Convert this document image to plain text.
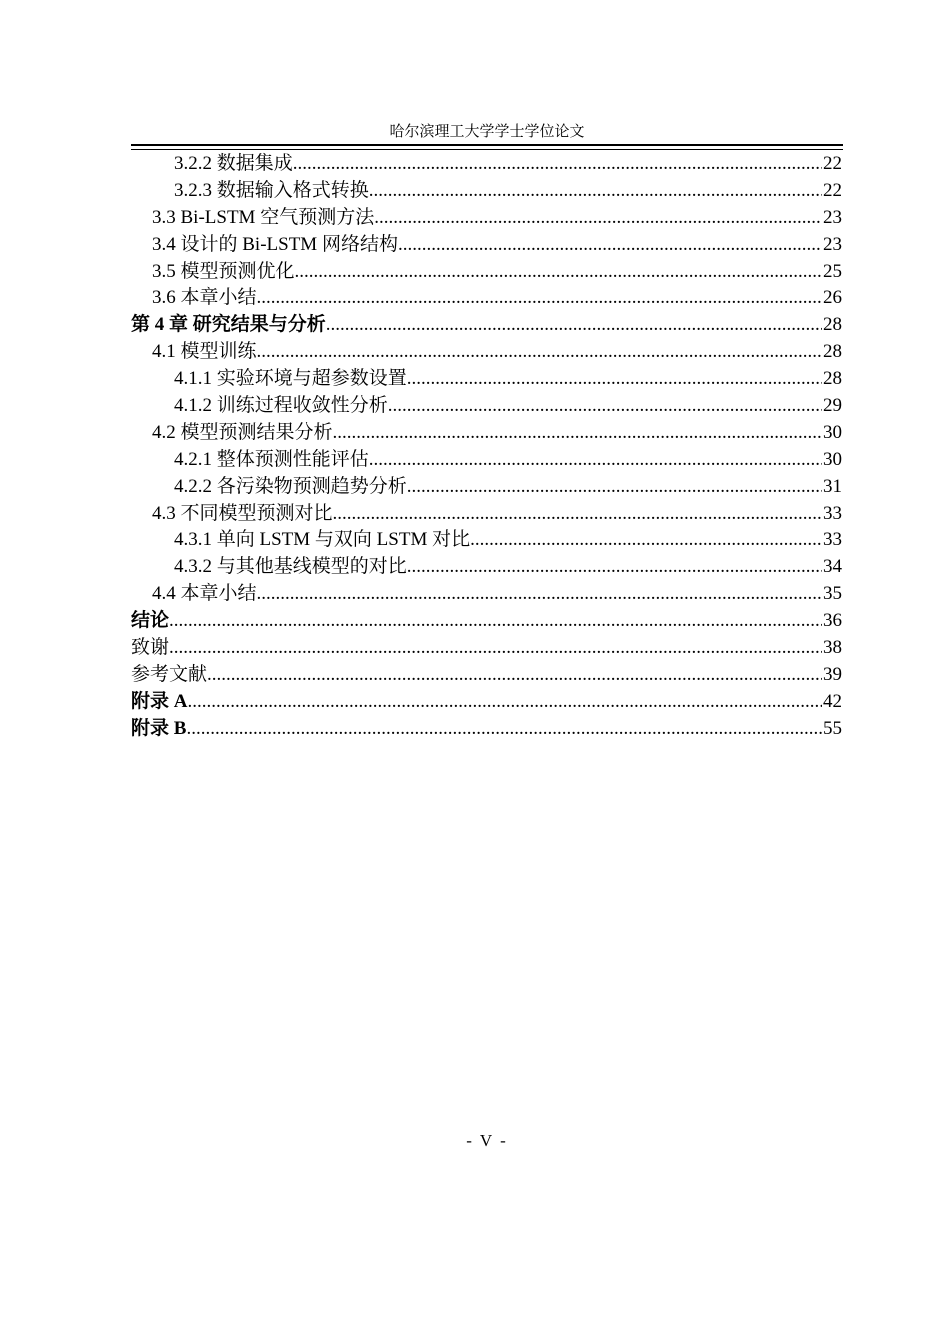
哈尔滨理工大学学士学位论文
3.2.2 数据集成 .....	22
3.2.3 数据输入格式转换 .....	22
3.3 Bi-LSTM 空气预测方法 .....	23
3.4 设计的 Bi-LSTM 网络结构 .....	23
3.5 模型预测优化 .....	25
3.6 本章小结 .....	26
第 4 章 研究结果与分析 .....	28
4.1 模型训练 .....	28
4.1.1 实验环境与超参数设置 .....	28
4.1.2 训练过程收敛性分析 .....	29
4.2 模型预测结果分析 .....	30
4.2.1 整体预测性能评估 .....	30
4.2.2 各污染物预测趋势分析 .....	31
4.3 不同模型预测对比 .....	33
4.3.1 单向 LSTM 与双向 LSTM 对比 .....	33
4.3.2 与其他基线模型的对比 .....	34
4.4 本章小结 .....	35
结论 .....	36
致谢 .....	38
参考文献 .....	39
附录 A .....	42
附录 B .....	55
- V -
